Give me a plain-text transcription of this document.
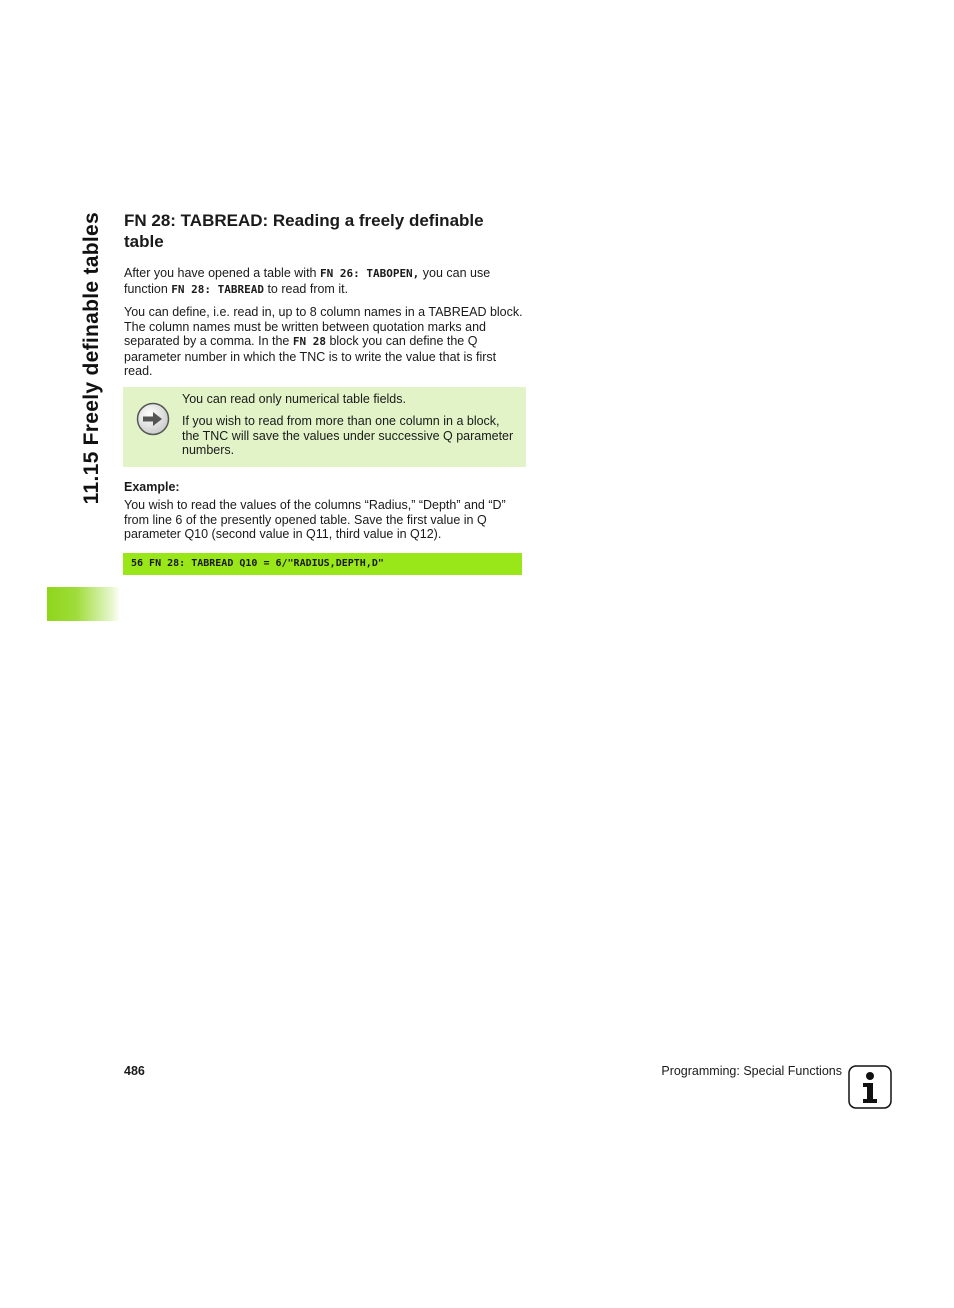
11.15 Freely definable tables FN 28: TABREAD: Reading a freely definable table

After you have opened a table with FN 26: TABOPEN, you can use function FN 28: TABREAD to read from it.

You can define, i.e. read in, up to 8 column names in a TABREAD block. The column names must be written between quotation marks and separated by a comma. In the FN 28 block you can define the Q parameter number in which the TNC is to write the value that is first read.

You can read only numerical table fields.

If you wish to read from more than one column in a block, the TNC will save the values under successive Q parameter numbers.

Example:

You wish to read the values of the columns “Radius,” “Depth” and “D” from line 6 of the presently opened table. Save the first value in Q parameter Q10 (second value in Q11, third value in Q12).

56 FN 28: TABREAD Q10 = 6/"RADIUS,DEPTH,D"
486	Programming: Special Functions
